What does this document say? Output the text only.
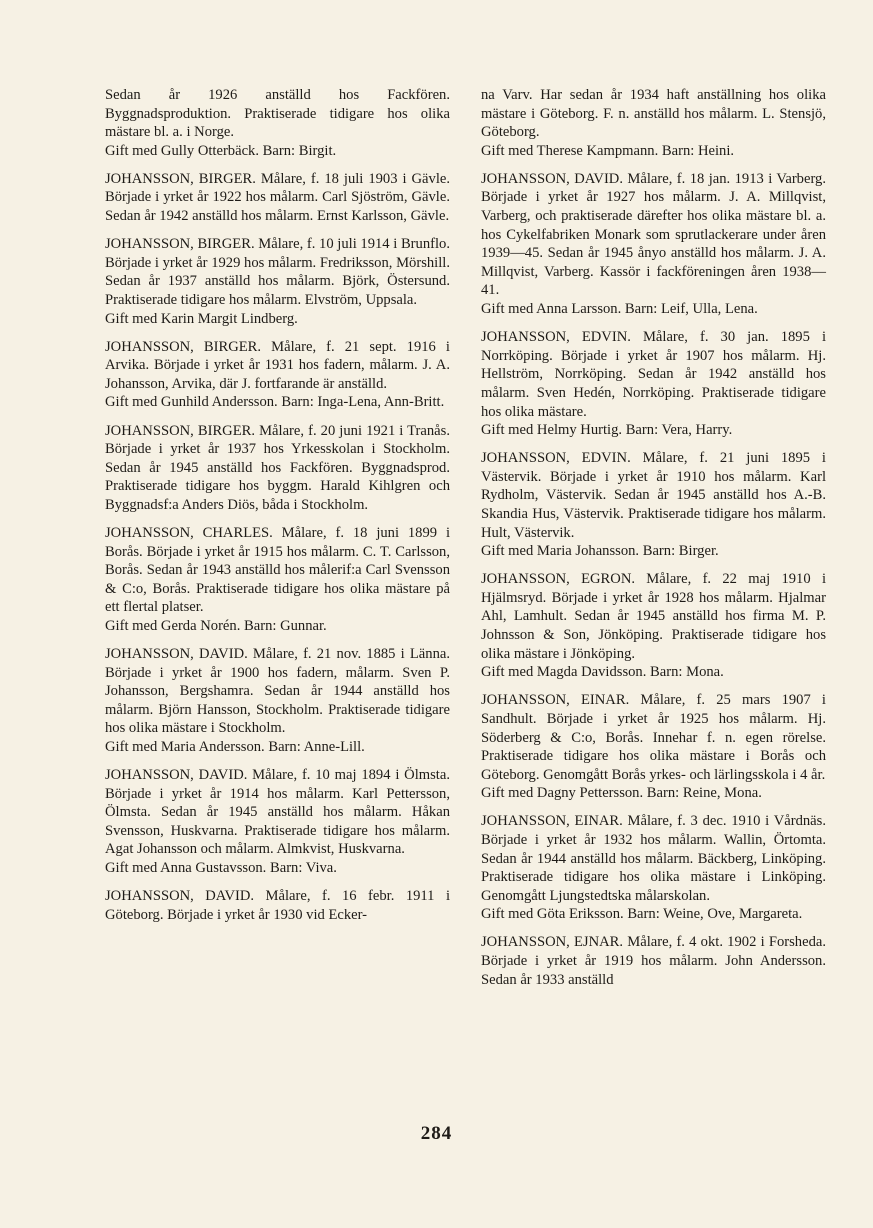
Sedan år 1926 anställd hos Fackfören. Byggnadsproduktion. Praktiserade tidigare hos olika mästare bl. a. i Norge.

Gift med Gully Otterbäck. Barn: Birgit.

JOHANSSON, BIRGER. Målare, f. 18 juli 1903 i Gävle. Började i yrket år 1922 hos målarm. Carl Sjöström, Gävle. Sedan år 1942 anställd hos målarm. Ernst Karlsson, Gävle.

JOHANSSON, BIRGER. Målare, f. 10 juli 1914 i Brunflo. Började i yrket år 1929 hos målarm. Fredriksson, Mörshill. Sedan år 1937 anställd hos målarm. Björk, Östersund. Praktiserade tidigare hos målarm. Elvström, Uppsala.

Gift med Karin Margit Lindberg.

JOHANSSON, BIRGER. Målare, f. 21 sept. 1916 i Arvika. Började i yrket år 1931 hos fadern, målarm. J. A. Johansson, Arvika, där J. fortfarande är anställd.

Gift med Gunhild Andersson. Barn: Inga-Lena, Ann-Britt.

JOHANSSON, BIRGER. Målare, f. 20 juni 1921 i Tranås. Började i yrket år 1937 hos Yrkesskolan i Stockholm. Sedan år 1945 anställd hos Fackfören. Byggnadsprod. Praktiserade tidigare hos byggm. Harald Kihlgren och Byggnadsf:a Anders Diös, båda i Stockholm.

JOHANSSON, CHARLES. Målare, f. 18 juni 1899 i Borås. Började i yrket år 1915 hos målarm. C. T. Carlsson, Borås. Sedan år 1943 anställd hos målerif:a Carl Svensson & C:o, Borås. Praktiserade tidigare hos olika mästare på ett flertal platser.

Gift med Gerda Norén. Barn: Gunnar.

JOHANSSON, DAVID. Målare, f. 21 nov. 1885 i Länna. Började i yrket år 1900 hos fadern, målarm. Sven P. Johansson, Bergshamra. Sedan år 1944 anställd hos målarm. Björn Hansson, Stockholm. Praktiserade tidigare hos olika mästare i Stockholm.

Gift med Maria Andersson. Barn: Anne-Lill.

JOHANSSON, DAVID. Målare, f. 10 maj 1894 i Ölmsta. Började i yrket år 1914 hos målarm. Karl Pettersson, Ölmsta. Sedan år 1945 anställd hos målarm. Håkan Svensson, Huskvarna. Praktiserade tidigare hos målarm. Agat Johansson och målarm. Almkvist, Huskvarna.

Gift med Anna Gustavsson. Barn: Viva.

JOHANSSON, DAVID. Målare, f. 16 febr. 1911 i Göteborg. Började i yrket år 1930 vid Ecker-

na Varv. Har sedan år 1934 haft anställning hos olika mästare i Göteborg. F. n. anställd hos målarm. L. Stensjö, Göteborg.

Gift med Therese Kampmann. Barn: Heini.

JOHANSSON, DAVID. Målare, f. 18 jan. 1913 i Varberg. Började i yrket år 1927 hos målarm. J. A. Millqvist, Varberg, och praktiserade därefter hos olika mästare bl. a. hos Cykelfabriken Monark som sprutlackerare under åren 1939—45. Sedan år 1945 ånyo anställd hos målarm. J. A. Millqvist, Varberg. Kassör i fackföreningen åren 1938—41.

Gift med Anna Larsson. Barn: Leif, Ulla, Lena.

JOHANSSON, EDVIN. Målare, f. 30 jan. 1895 i Norrköping. Började i yrket år 1907 hos målarm. Hj. Hellström, Norrköping. Sedan år 1942 anställd hos målarm. Sven Hedén, Norrköping. Praktiserade tidigare hos olika mästare.

Gift med Helmy Hurtig. Barn: Vera, Harry.

JOHANSSON, EDVIN. Målare, f. 21 juni 1895 i Västervik. Började i yrket år 1910 hos målarm. Karl Rydholm, Västervik. Sedan år 1945 anställd hos A.-B. Skandia Hus, Västervik. Praktiserade tidigare hos målarm. Hult, Västervik.

Gift med Maria Johansson. Barn: Birger.

JOHANSSON, EGRON. Målare, f. 22 maj 1910 i Hjälmsryd. Började i yrket år 1928 hos målarm. Hjalmar Ahl, Lamhult. Sedan år 1945 anställd hos firma M. P. Johnsson & Son, Jönköping. Praktiserade tidigare hos olika mästare i Jönköping.

Gift med Magda Davidsson. Barn: Mona.

JOHANSSON, EINAR. Målare, f. 25 mars 1907 i Sandhult. Började i yrket år 1925 hos målarm. Hj. Söderberg & C:o, Borås. Innehar f. n. egen rörelse. Praktiserade tidigare hos olika mästare i Borås och Göteborg. Genomgått Borås yrkes- och lärlingsskola i 4 år.

Gift med Dagny Pettersson. Barn: Reine, Mona.

JOHANSSON, EINAR. Målare, f. 3 dec. 1910 i Vårdnäs. Började i yrket år 1932 hos målarm. Wallin, Örtomta. Sedan år 1944 anställd hos målarm. Bäckberg, Linköping. Praktiserade tidigare hos olika mästare i Linköping. Genomgått Ljungstedtska målarskolan.

Gift med Göta Eriksson. Barn: Weine, Ove, Margareta.

JOHANSSON, EJNAR. Målare, f. 4 okt. 1902 i Forsheda. Började i yrket år 1919 hos målarm. John Andersson. Sedan år 1933 anställd

284
